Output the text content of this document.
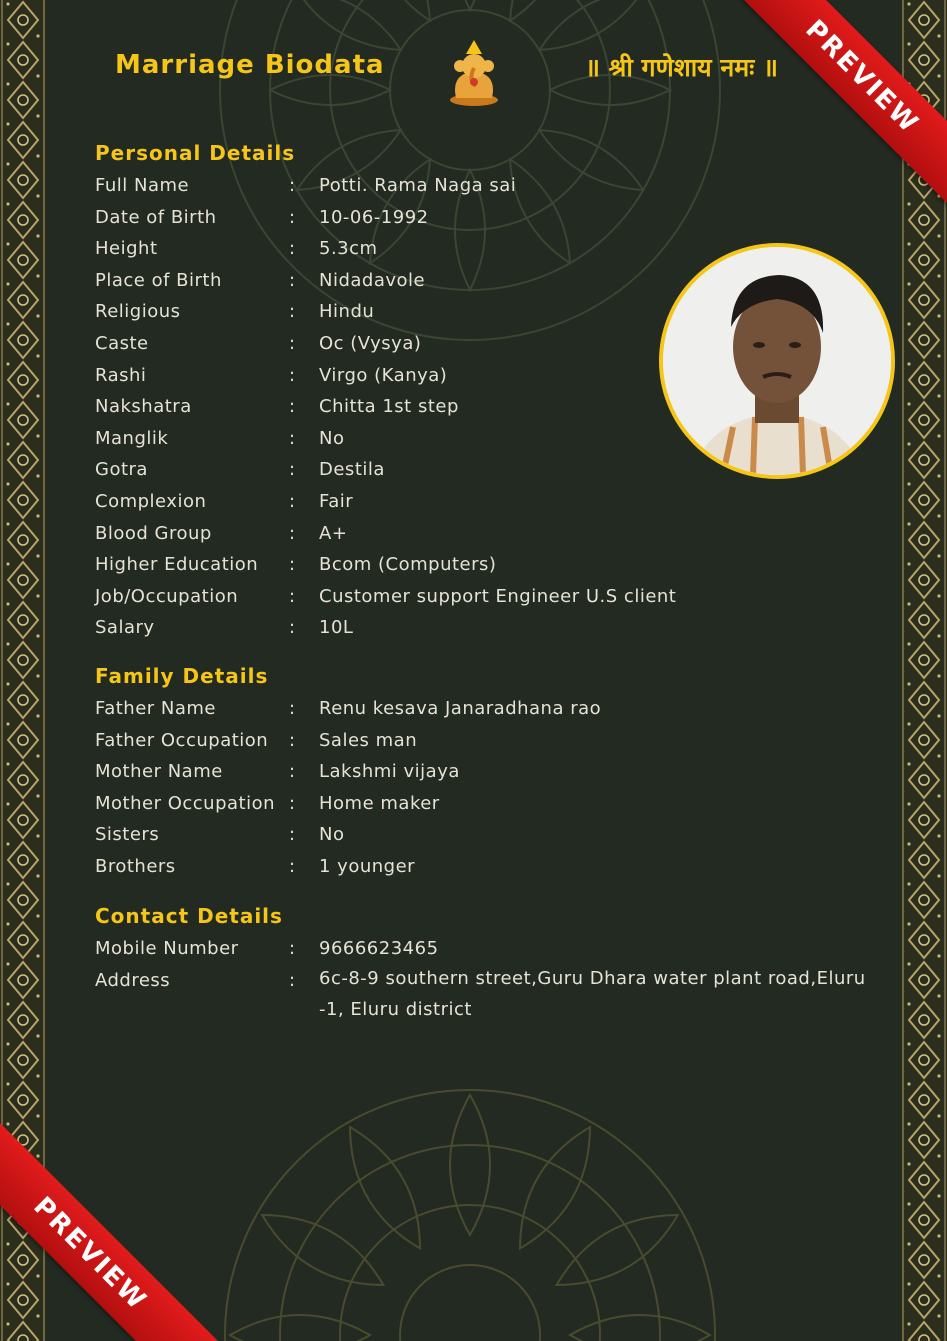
Marriage Biodata	॥ श्री गणेशाय नमः ॥
Personal Details
Full Name	: Potti. Rama Naga sai
Date of Birth	: 10-06-1992
Height	: 5.3cm
Place of Birth	: Nidadavole
Religious	: Hindu
Caste	: Oc (Vysya)
Rashi	: Virgo (Kanya)
Nakshatra	: Chitta 1st step
Manglik	: No
Gotra	: Destila
Complexion	: Fair
Blood Group	: A+
Higher Education : Bcom (Computers)
Job/Occupation	: Customer support Engineer U.S client
Salary	: 10L
Family Details
Father Name	: Renu kesava Janaradhana rao
Father Occupation : Sales man
Mother Name	: Lakshmi vijaya
Mother Occupation : Home maker
Sisters	: No
Brothers	: 1 younger
Contact Details
Mobile Number	: 9666623465
Address	: 6c-8-9 southern street,Guru Dhara water plant road,Eluru -1, Eluru district
PREVIEW
PREVIEW
